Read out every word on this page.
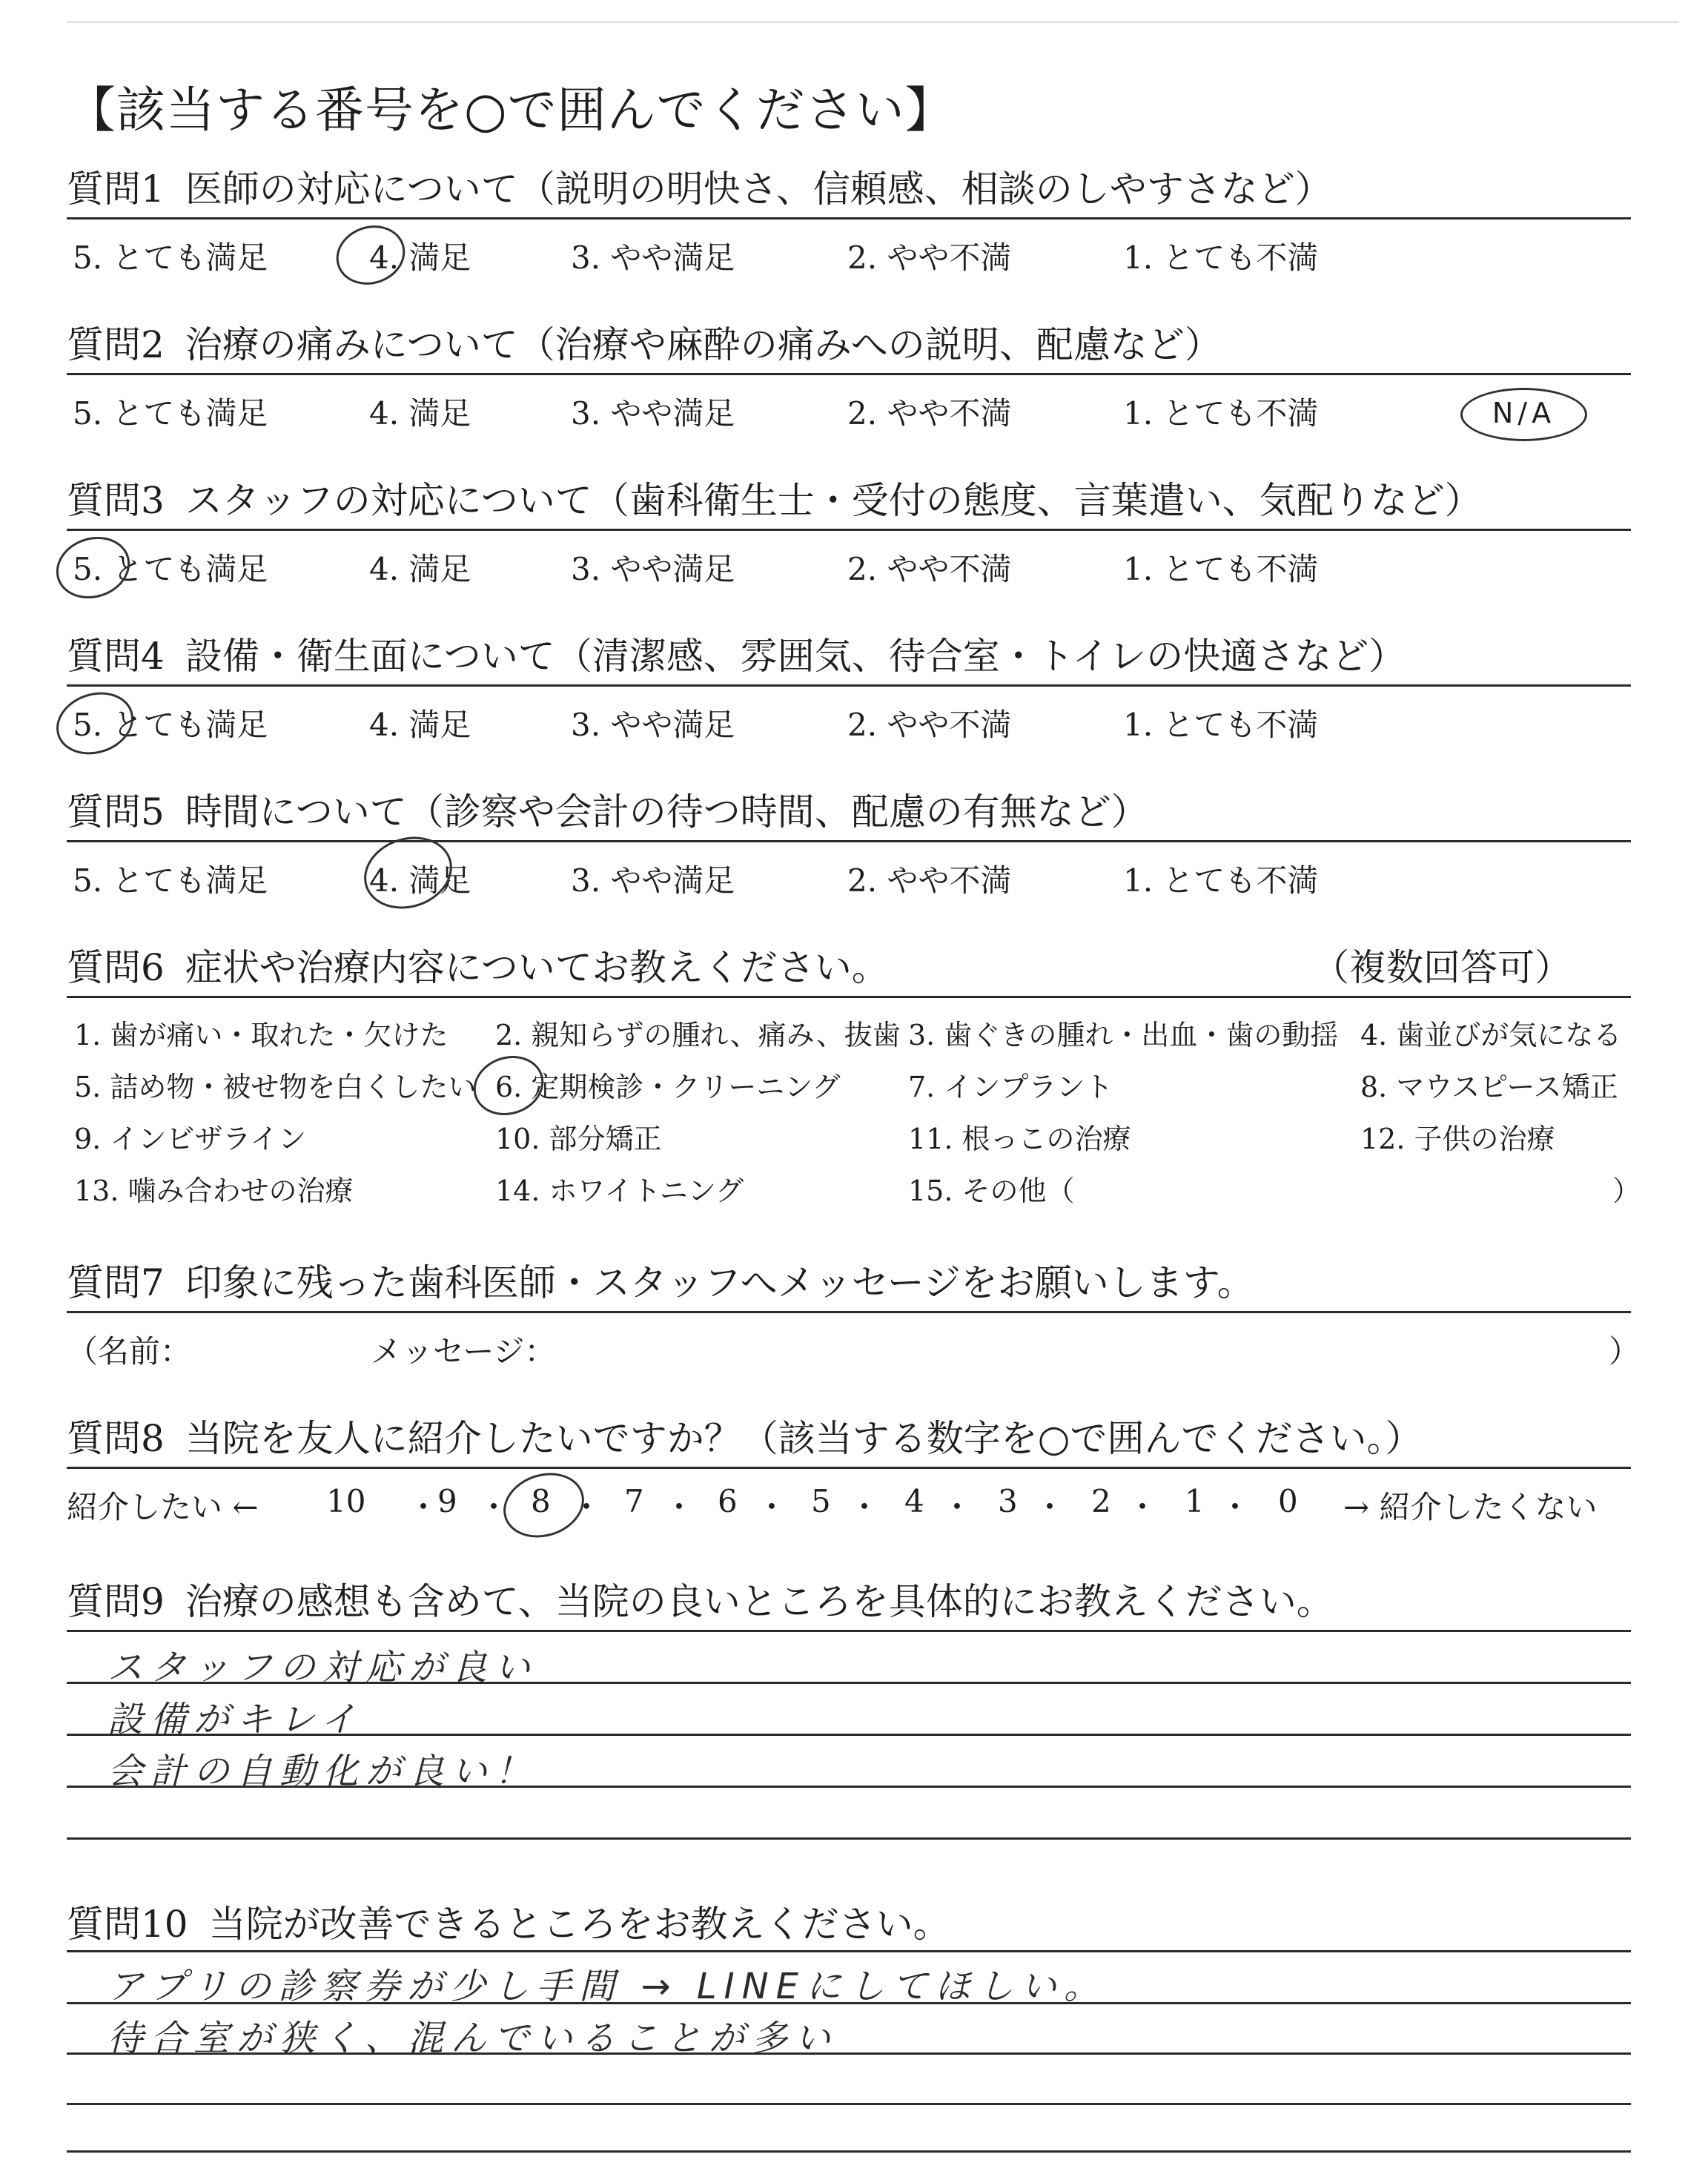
【該当する番号を○で囲んでください】
質問1 医師の対応について（説明の明快さ、信頼感、相談のしやすさなど）
5. とても満足	4. 満足	3. やや満足	2. やや不満	1. とても不満
質問2 治療の痛みについて（治療や麻酔の痛みへの説明、配慮など）
5. とても満足	4. 満足	3. やや満足	2. やや不満	1. とても不満	N/A
質問3 スタッフの対応について（歯科衛生士・受付の態度、言葉遣い、気配りなど）
5. とても満足	4. 満足	3. やや満足	2. やや不満	1. とても不満
質問4 設備・衛生面について（清潔感、雰囲気、待合室・トイレの快適さなど）
5. とても満足	4. 満足	3. やや満足	2. やや不満	1. とても不満
質問5 時間について（診察や会計の待つ時間、配慮の有無など）
5. とても満足	4. 満足	3. やや満足	2. やや不満	1. とても不満
質問6 症状や治療内容についてお教えください。	（複数回答可）
1. 歯が痛い・取れた・欠けた 2. 親知らずの腫れ、痛み、抜歯 3. 歯ぐきの腫れ・出血・歯の動揺 4. 歯並びが気になる
5. 詰め物・被せ物を白くしたい 6. 定期検診・クリーニング 7. インプラント	8. マウスピース矯正
9. インビザライン	10. 部分矯正	11. 根っこの治療	12. 子供の治療
13. 噛み合わせの治療	14. ホワイトニング	15. その他（	）
質問7 印象に残った歯科医師・スタッフへメッセージをお願いします。
（名前：	メッセージ：	）
質問8 当院を友人に紹介したいですか？（該当する数字を○で囲んでください。）
紹介したい ← 10 ・
9 ・ 8 ・ 7 ・ 6 ・ 5 ・ 4 ・ 3 ・ 2 ・ 1 ・ 0 → 紹介したくない
質問9 治療の感想も含めて、当院の良いところを具体的にお教えください。
スタッフの対応が良い
設備がキレイ
会計の自動化が良い！
質問10 当院が改善できるところをお教えください。
アプリの診察券が少し手間 → LINEにしてほしい。
待合室が狭く、混んでいることが多い
